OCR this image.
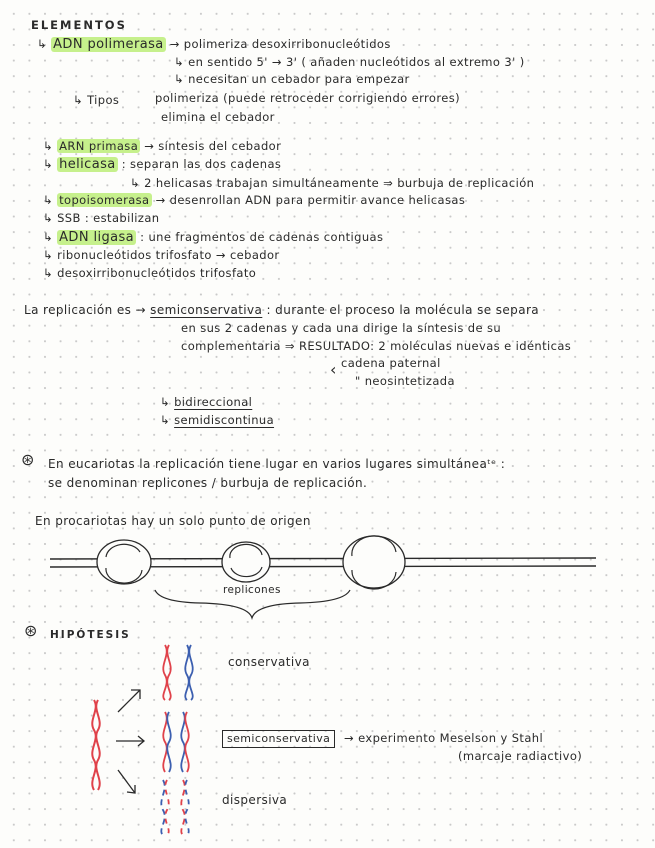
ELEMENTOS
↳ ADN polimerasa → polimeriza desoxirribonucleótidos
↳ en sentido 5' → 3' ( añaden nucleótidos al extremo 3' )
↳ necesitan un cebador para empezar
↳ Tipos	polimeriza (puede retroceder corrigiendo errores)
elimina el cebador
↳ ARN primasa → síntesis del cebador
↳ helicasa : separan las dos cadenas
↳ 2 helicasas trabajan simultáneamente ⇒ burbuja de replicación
↳ topoisomerasa → desenrollan ADN para permitir avance helicasas
↳ SSB : estabilizan
↳ ADN ligasa : une fragmentos de cadenas contiguas
↳ ribonucleótidos trifosfato → cebador
↳ desoxirribonucleótidos trifosfato
La replicación es → semiconservativa : durante el proceso la molécula se separa
en sus 2 cadenas y cada una dirige la síntesis de su
complementaria ⇒ RESULTADO: 2 moléculas nuevas e idénticas
‹ cadena paternal
" neosintetizada
↳ bidireccional
↳ semidiscontinua
⊛ En eucariotas la replicación tiene lugar en varios lugares simultáneaᵗᵉ :
se denominan replicones / burbuja de replicación.
En procariotas hay un solo punto de origen
replicones
⊛ HIPÓTESIS
conservativa
semiconservativa	→ experimento Meselson y Stahl
(marcaje radiactivo)
dispersiva
